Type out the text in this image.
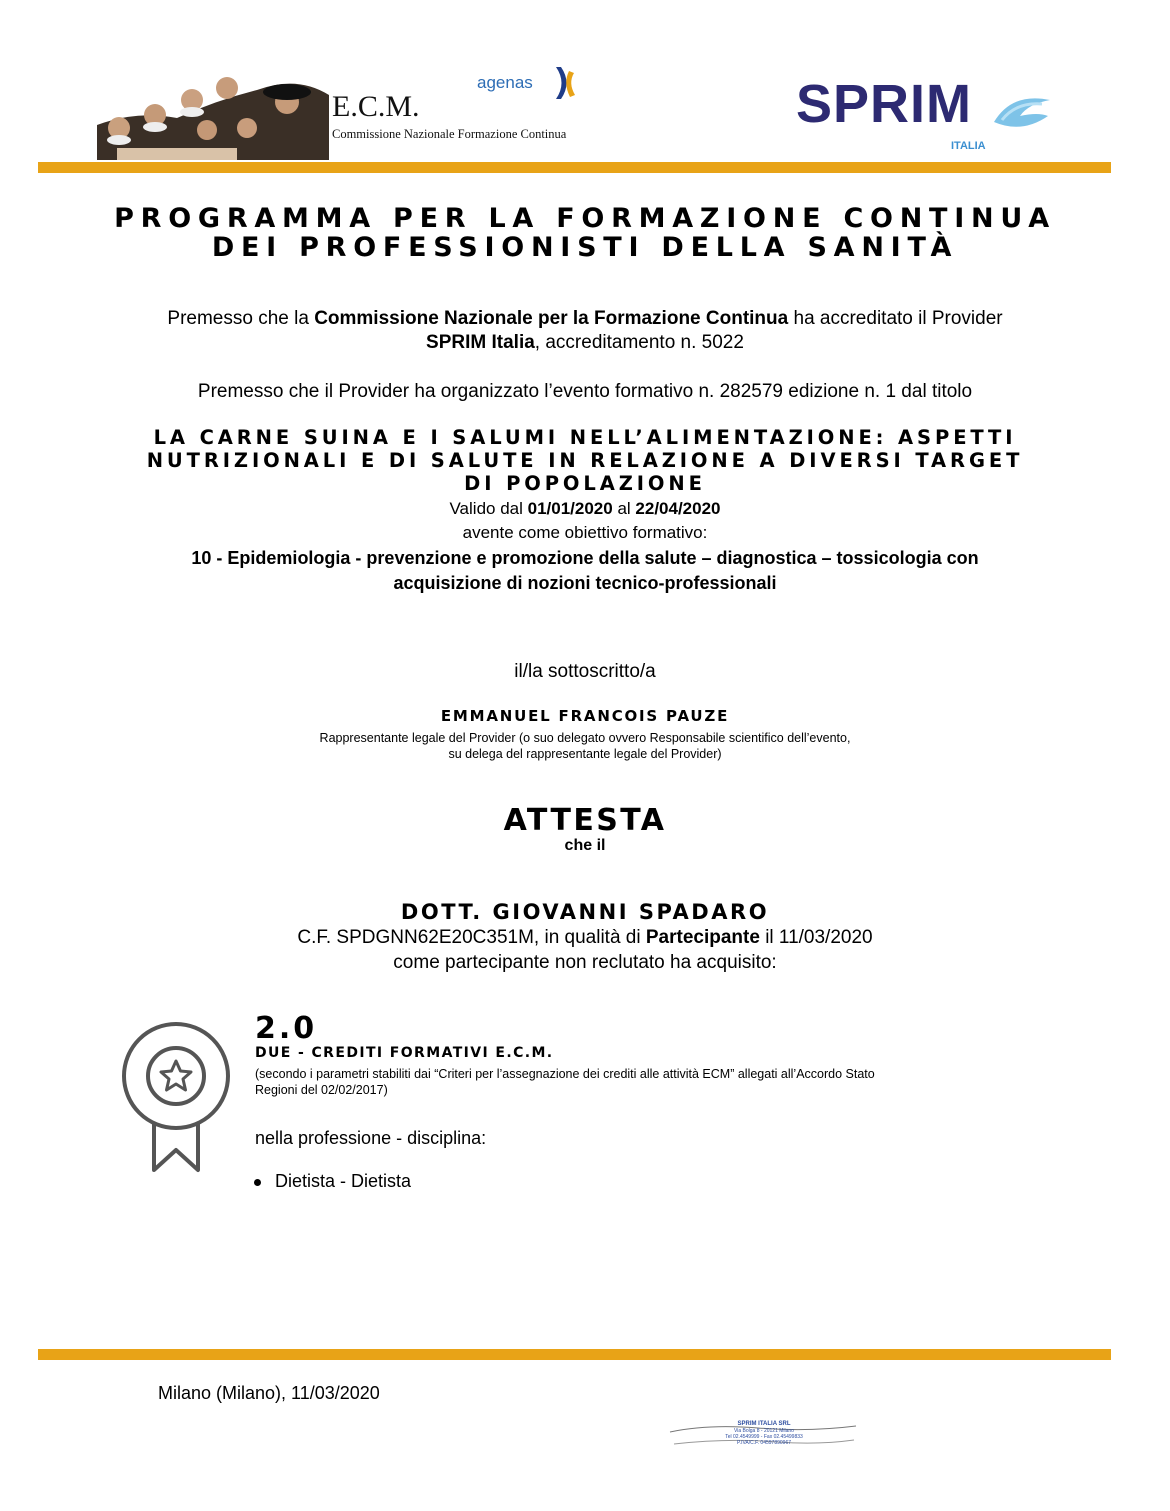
E.C.M.
Commissione Nazionale Formazione Continua
agenas	SPRIM
ITALIA
PROGRAMMA PER LA FORMAZIONE CONTINUA
DEI PROFESSIONISTI DELLA SANITÀ
Premesso che la Commissione Nazionale per la Formazione Continua ha accreditato il Provider
SPRIM Italia, accreditamento n. 5022
Premesso che il Provider ha organizzato l’evento formativo n. 282579 edizione n. 1 dal titolo
LA CARNE SUINA E I SALUMI NELL’ALIMENTAZIONE: ASPETTI
NUTRIZIONALI E DI SALUTE IN RELAZIONE A DIVERSI TARGET
DI POPOLAZIONE
Valido dal 01/01/2020 al 22/04/2020
avente come obiettivo formativo:
10 - Epidemiologia - prevenzione e promozione della salute – diagnostica – tossicologia con
acquisizione di nozioni tecnico-professionali
il/la sottoscritto/a
EMMANUEL FRANCOIS PAUZE
Rappresentante legale del Provider (o suo delegato ovvero Responsabile scientifico dell’evento,
su delega del rappresentante legale del Provider)
ATTESTA
che il
DOTT. GIOVANNI SPADARO
C.F. SPDGNN62E20C351M, in qualità di Partecipante il 11/03/2020
come partecipante non reclutato ha acquisito:
2.0
DUE - CREDITI FORMATIVI E.C.M.
(secondo i parametri stabiliti dai “Criteri per l’assegnazione dei crediti alle attività ECM” allegati all’Accordo Stato
Regioni del 02/02/2017)
nella professione - disciplina:
Dietista - Dietista
Milano (Milano), 11/03/2020
SPRIM ITALIA SRL
Via Bolga 8 - 20121 Milano
Tel 02.4549999 - Fax 02.45499833
P.IVA/C.F. 04597890967
